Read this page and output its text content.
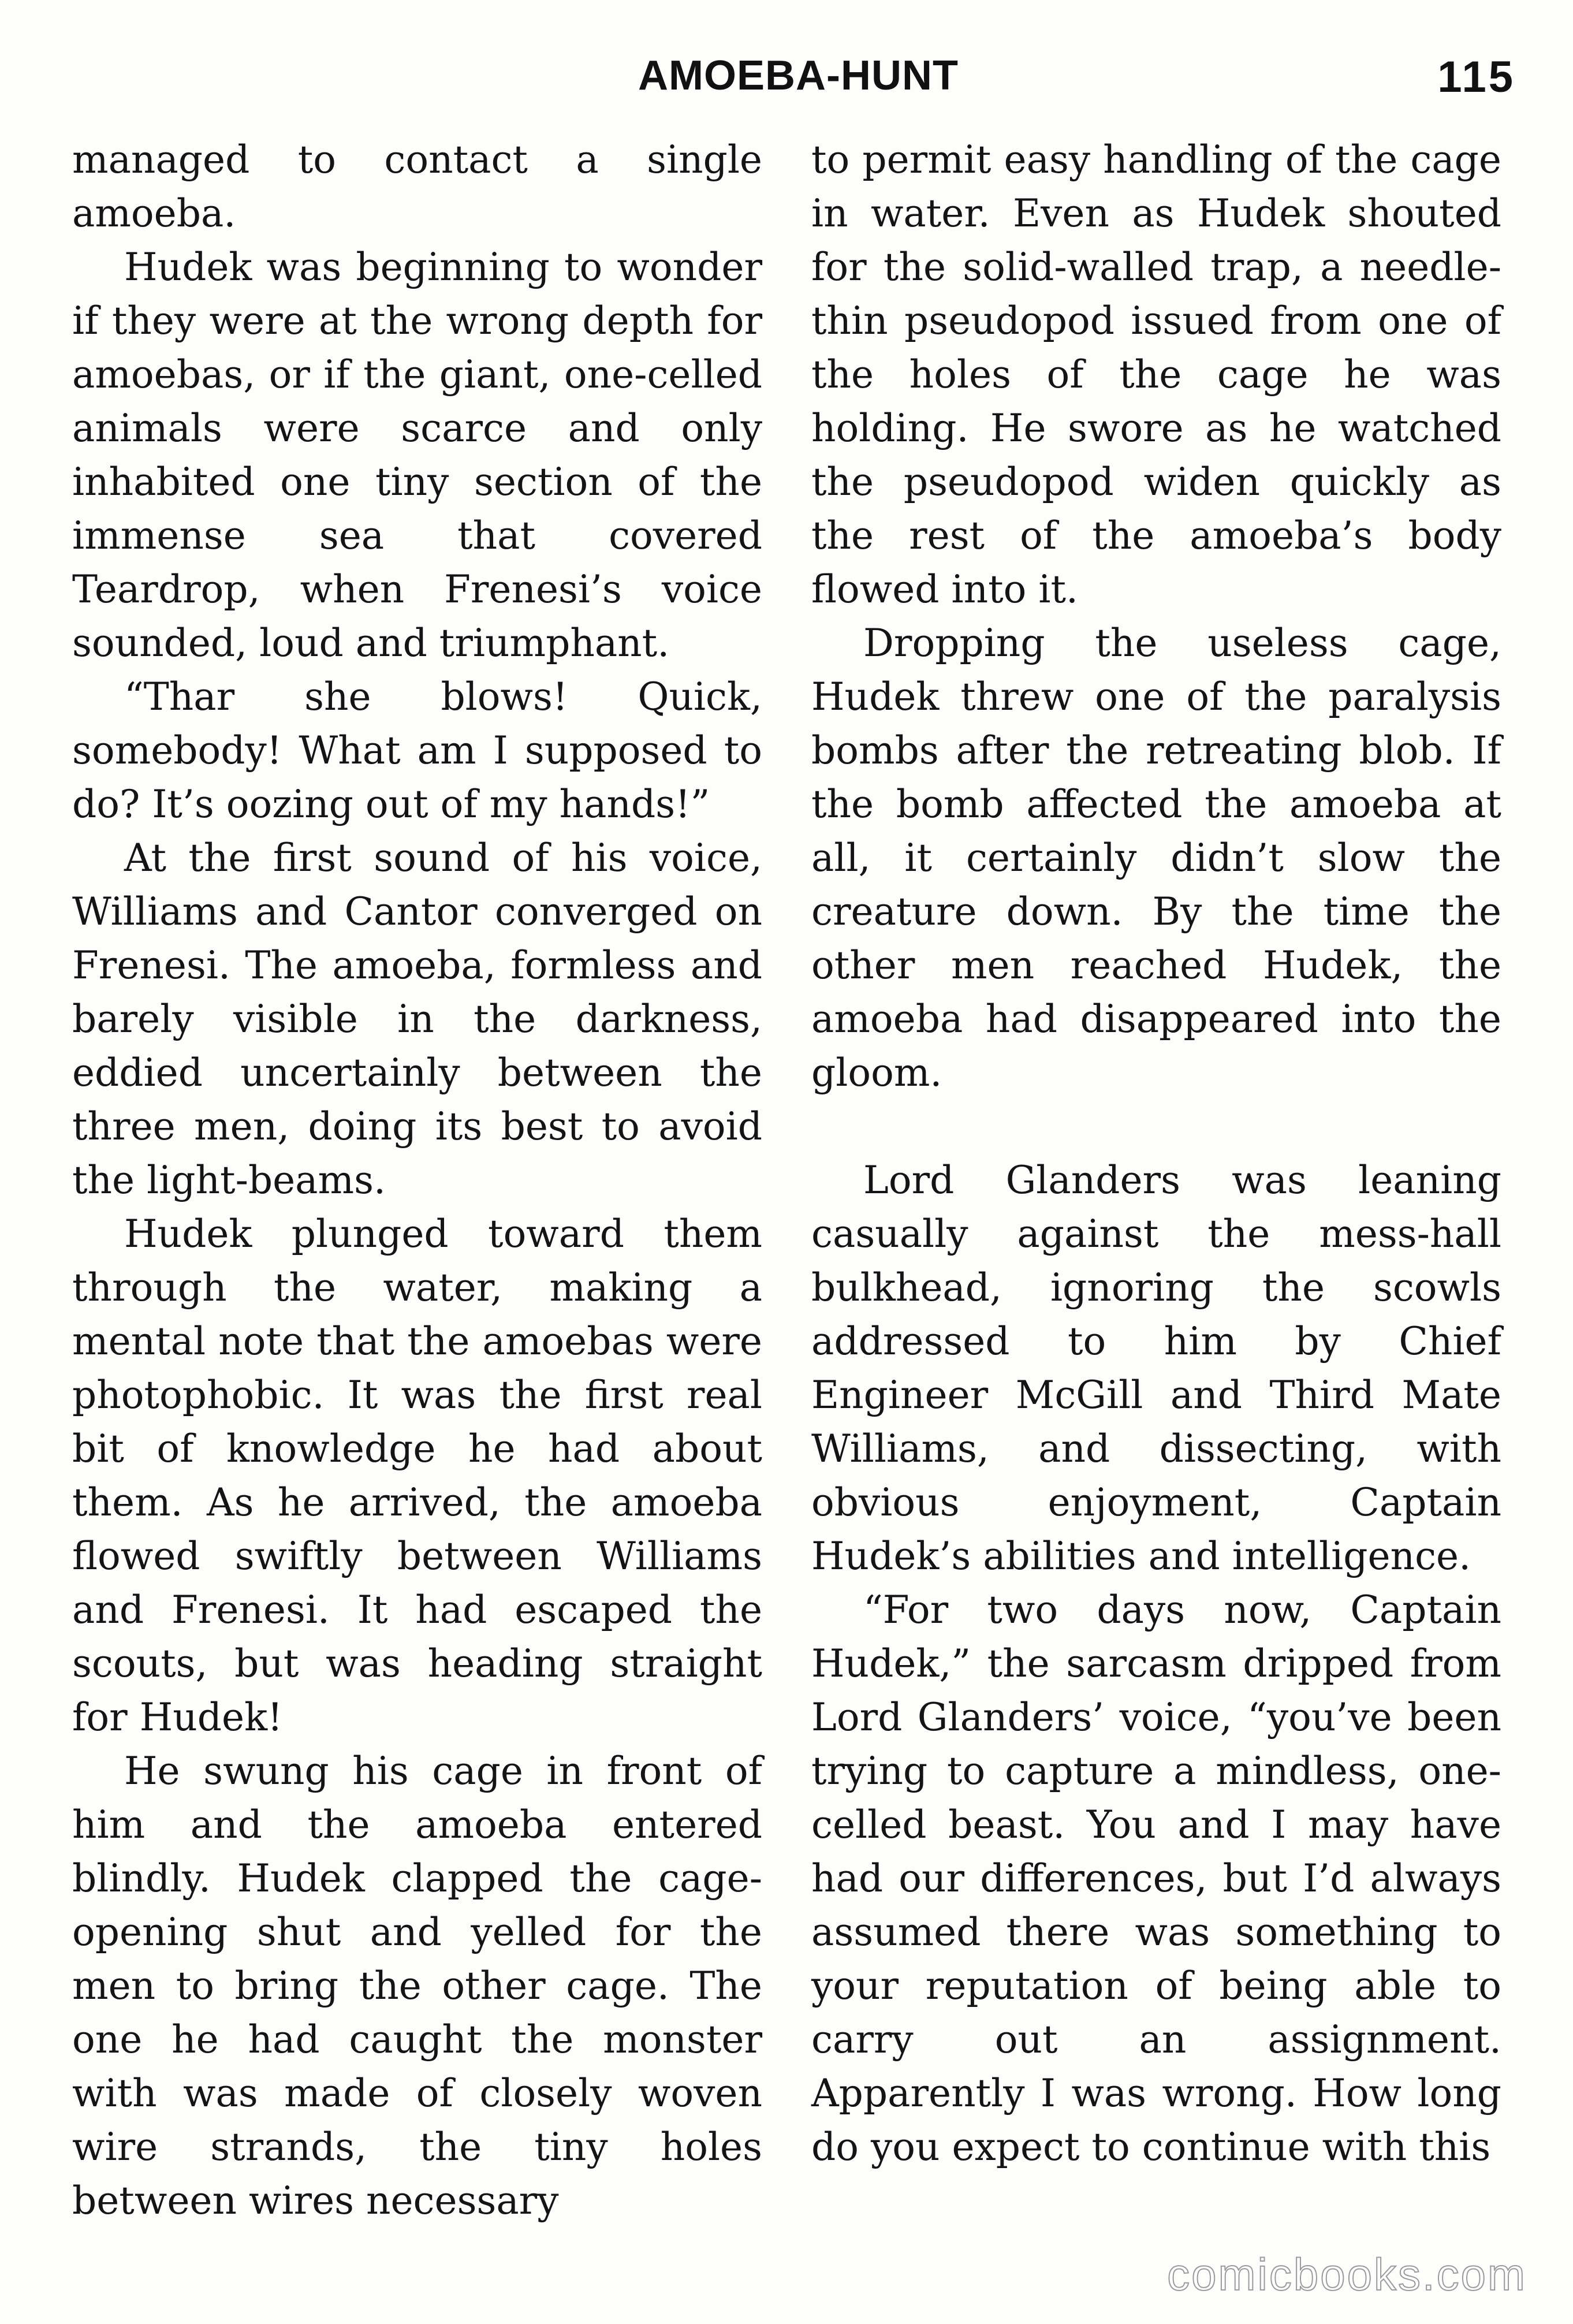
AMOEBA-HUNT	115

managed to contact a single amoeba.

Hudek was beginning to wonder if they were at the wrong depth for amoebas, or if the giant, one-celled animals were scarce and only inhabited one tiny section of the immense sea that covered Teardrop, when Frenesi’s voice sounded, loud and triumphant.

“Thar she blows! Quick, somebody! What am I supposed to do? It’s oozing out of my hands!”

At the first sound of his voice, Williams and Cantor converged on Frenesi. The amoeba, formless and barely visible in the darkness, eddied uncertainly between the three men, doing its best to avoid the light-beams.

Hudek plunged toward them through the water, making a mental note that the amoebas were photophobic. It was the first real bit of knowledge he had about them. As he arrived, the amoeba flowed swiftly between Williams and Frenesi. It had escaped the scouts, but was heading straight for Hudek!

He swung his cage in front of him and the amoeba entered blindly. Hudek clapped the cage-opening shut and yelled for the men to bring the other cage. The one he had caught the monster with was made of closely woven wire strands, the tiny holes between wires necessary

to permit easy handling of the cage in water. Even as Hudek shouted for the solid-walled trap, a needle-thin pseudopod issued from one of the holes of the cage he was holding. He swore as he watched the pseudopod widen quickly as the rest of the amoeba’s body flowed into it.

Dropping the useless cage, Hudek threw one of the paralysis bombs after the retreating blob. If the bomb affected the amoeba at all, it certainly didn’t slow the creature down. By the time the other men reached Hudek, the amoeba had disappeared into the gloom.

Lord Glanders was leaning casually against the mess-hall bulkhead, ignoring the scowls addressed to him by Chief Engineer McGill and Third Mate Williams, and dissecting, with obvious enjoyment, Captain Hudek’s abilities and intelligence.

“For two days now, Captain Hudek,” the sarcasm dripped from Lord Glanders’ voice, “you’ve been trying to capture a mindless, one-celled beast. You and I may have had our differences, but I’d always assumed there was something to your reputation of being able to carry out an assignment. Apparently I was wrong. How long do you expect to continue with this

comicbooks.com
